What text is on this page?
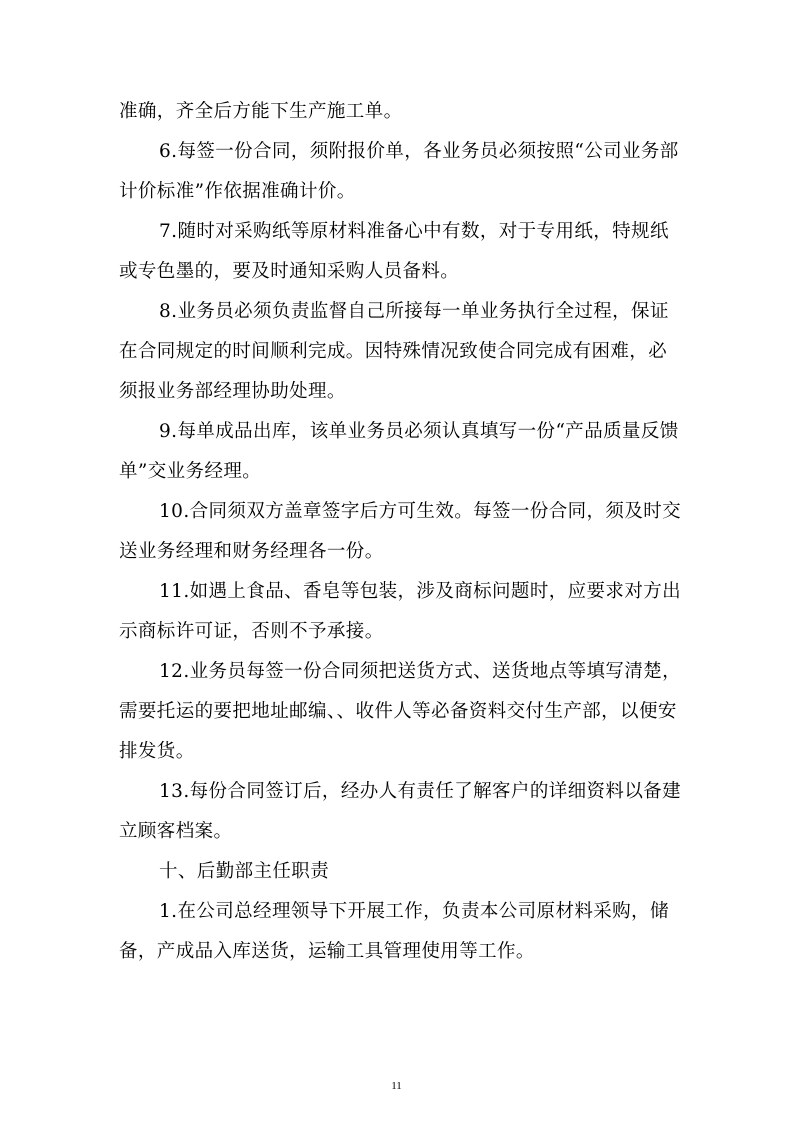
准确，齐全后方能下生产施工单。
6.每签一份合同，须附报价单，各业务员必须按照“公司业务部
计价标准”作依据准确计价。
7.随时对采购纸等原材料准备心中有数，对于专用纸，特规纸
或专色墨的，要及时通知采购人员备料。
8.业务员必须负责监督自己所接每一单业务执行全过程，保证
在合同规定的时间顺利完成。因特殊情况致使合同完成有困难，必
须报业务部经理协助处理。
9.每单成品出库，该单业务员必须认真填写一份“产品质量反馈
单”交业务经理。
10.合同须双方盖章签字后方可生效。每签一份合同，须及时交
送业务经理和财务经理各一份。
11.如遇上食品、香皂等包装，涉及商标问题时，应要求对方出
示商标许可证，否则不予承接。
12.业务员每签一份合同须把送货方式、送货地点等填写清楚，
需要托运的要把地址邮编、、收件人等必备资料交付生产部，以便安
排发货。
13.每份合同签订后，经办人有责任了解客户的详细资料以备建
立顾客档案。
十、后勤部主任职责
1.在公司总经理领导下开展工作，负责本公司原材料采购，储
备，产成品入库送货，运输工具管理使用等工作。
11
